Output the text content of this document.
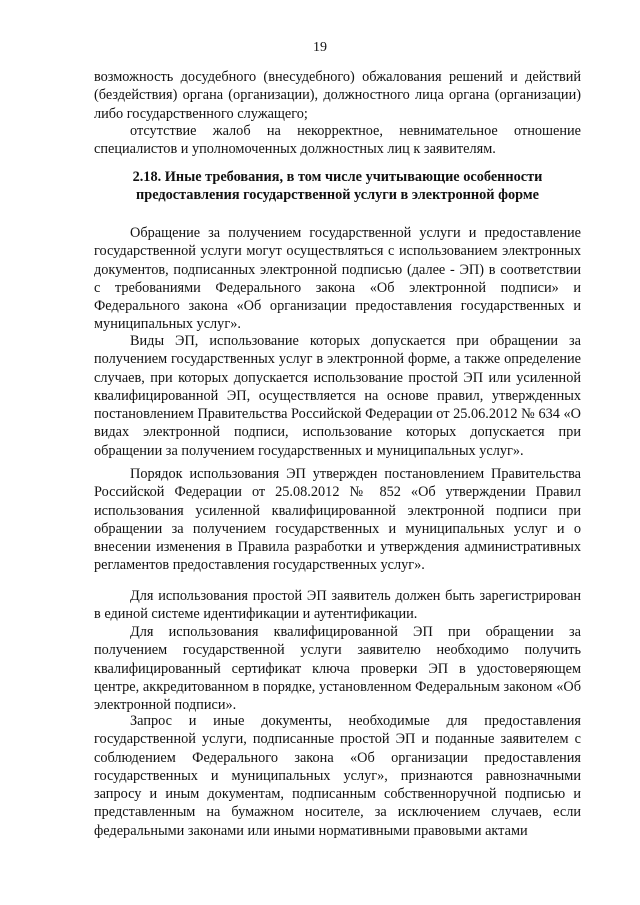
19

возможность досудебного (внесудебного) обжалования решений и действий (бездействия) органа (организации), должностного лица органа (организации) либо государственного служащего;

отсутствие жалоб на некорректное, невнимательное отношение специалистов и уполномоченных должностных лиц к заявителям.

2.18. Иные требования, в том числе учитывающие особенности
предоставления государственной услуги в электронной форме

Обращение за получением государственной услуги и предоставление государственной услуги могут осуществляться с использованием электронных документов, подписанных электронной подписью (далее - ЭП) в соответствии с требованиями Федерального закона «Об электронной подписи» и Федерального закона «Об организации предоставления государственных и муниципальных услуг».

Виды ЭП, использование которых допускается при обращении за получением государственных услуг в электронной форме, а также определение случаев, при которых допускается использование простой ЭП или усиленной квалифицированной ЭП, осуществляется на основе правил, утвержденных постановлением Правительства Российской Федерации от 25.06.2012 № 634 «О видах электронной подписи, использование которых допускается при обращении за получением государственных и муниципальных услуг».

Порядок использования ЭП утвержден постановлением Правительства Российской Федерации от 25.08.2012 № 852 «Об утверждении Правил использования усиленной квалифицированной электронной подписи при обращении за получением государственных и муниципальных услуг и о внесении изменения в Правила разработки и утверждения административных регламентов предоставления государственных услуг».

Для использования простой ЭП заявитель должен быть зарегистрирован в единой системе идентификации и аутентификации.

Для использования квалифицированной ЭП при обращении за получением государственной услуги заявителю необходимо получить квалифицированный сертификат ключа проверки ЭП в удостоверяющем центре, аккредитованном в порядке, установленном Федеральным законом «Об электронной подписи».

Запрос и иные документы, необходимые для предоставления государственной услуги, подписанные простой ЭП и поданные заявителем с соблюдением Федерального закона «Об организации предоставления государственных и муниципальных услуг», признаются равнозначными запросу и иным документам, подписанным собственноручной подписью и представленным на бумажном носителе, за исключением случаев, если федеральными законами или иными нормативными правовыми актами
